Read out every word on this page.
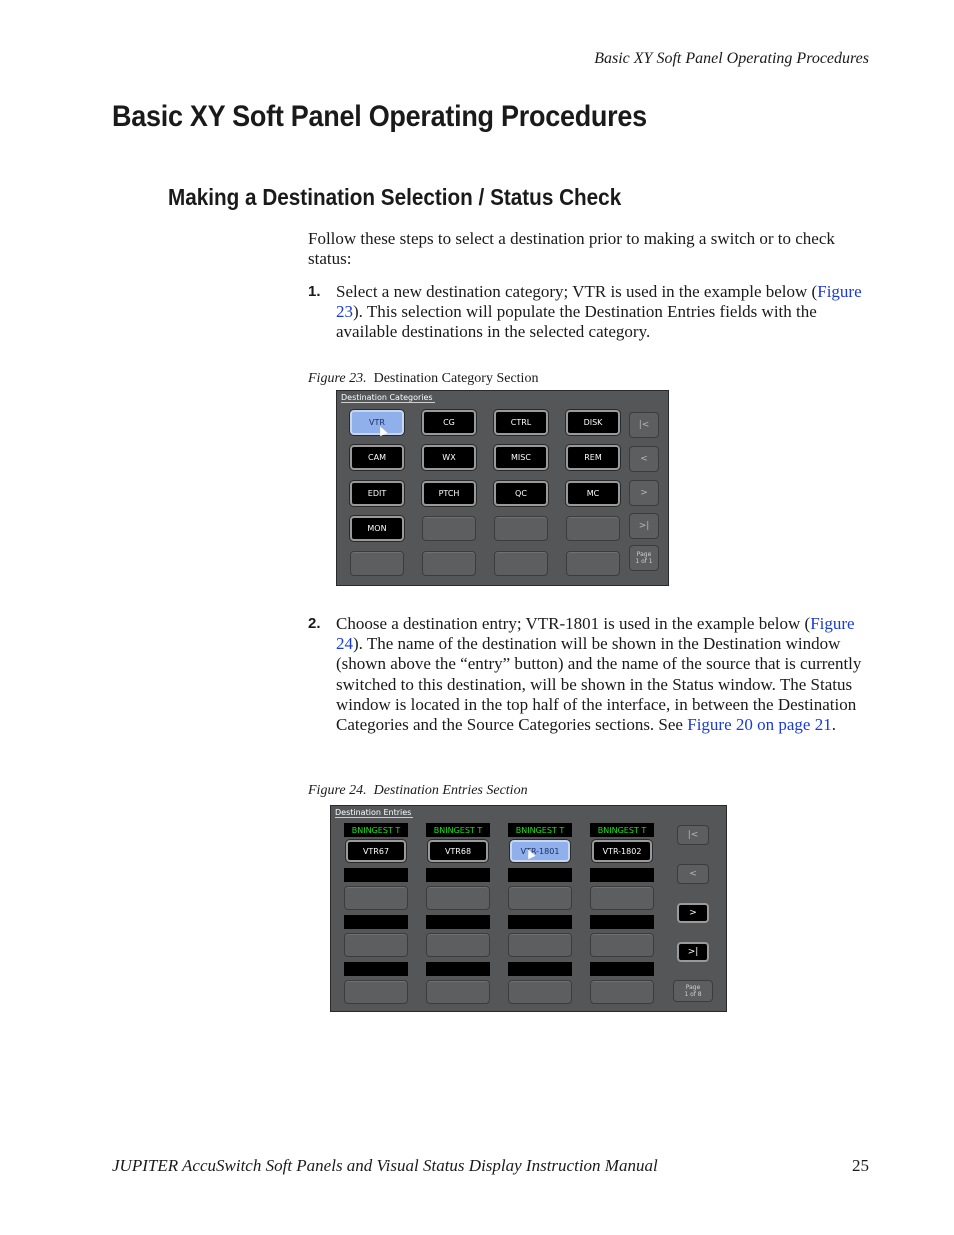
Basic XY Soft Panel Operating Procedures
Basic XY Soft Panel Operating Procedures
Making a Destination Selection / Status Check
Follow these steps to select a destination prior to making a switch or to check status:
1. Select a new destination category; VTR is used in the example below (Figure 23). This selection will populate the Destination Entries fields with the available destinations in the selected category.
Figure 23. Destination Category Section
Destination Categories
VTR	CG	CTRL	DISK
CAM	WX	MISC	REM
EDIT	PTCH	QC	MC
MON
|<
<
>
>|
Page
1 of 1
2. Choose a destination entry; VTR-1801 is used in the example below (Figure 24). The name of the destination will be shown in the Destination window (shown above the “entry” button) and the name of the source that is currently switched to this destination, will be shown in the Status window. The Status window is located in the top half of the interface, in between the Destination Categories and the Source Categories sections. See Figure 20 on page 21.
Figure 24. Destination Entries Section
Destination Entries
BNINGEST T
VTR67
BNINGEST T
VTR68
BNINGEST T
VTR-1801
BNINGEST T
VTR-1802
|<
<
>
>|
Page
1 of 8
JUPITER AccuSwitch Soft Panels and Visual Status Display Instruction Manual	25
